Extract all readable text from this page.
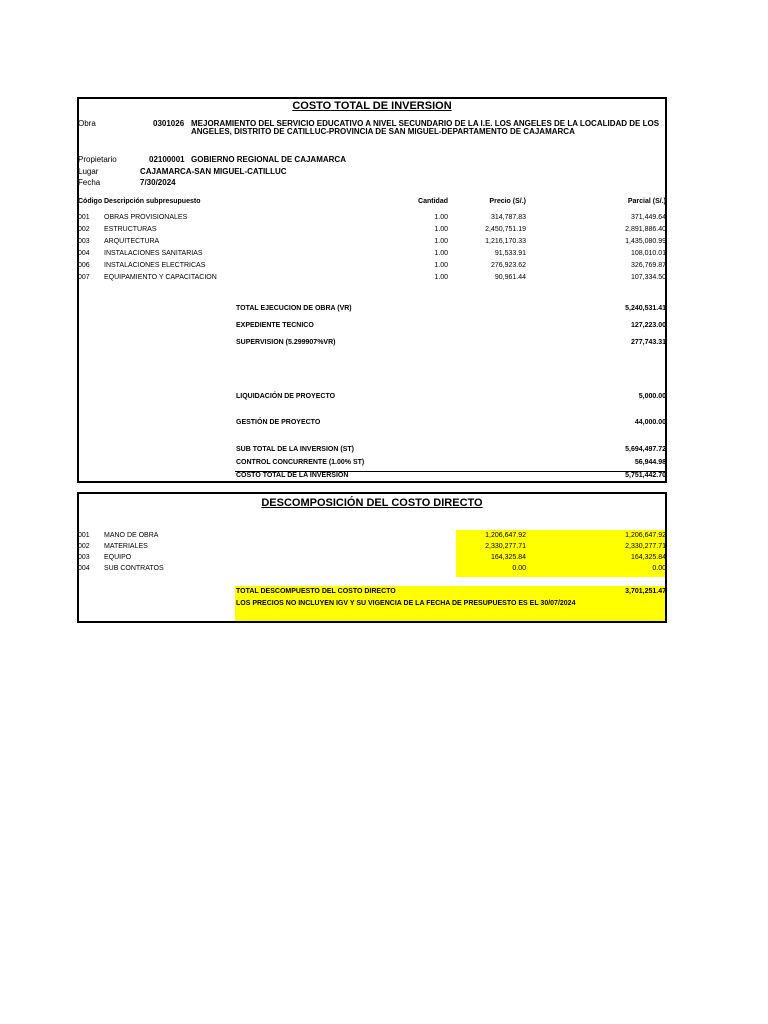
COSTO TOTAL DE INVERSION
Obra	0301026 MEJORAMIENTO DEL SERVICIO EDUCATIVO A NIVEL SECUNDARIO DE LA I.E. LOS ANGELES DE LA LOCALIDAD DE LOS
ANGELES, DISTRITO DE CATILLUC-PROVINCIA DE SAN MIGUEL-DEPARTAMENTO DE CAJAMARCA
Propietario	02100001 GOBIERNO REGIONAL DE CAJAMARCA
Lugar	CAJAMARCA-SAN MIGUEL-CATILLUC
Fecha	7/30/2024
Código Descripción subpresupuesto	Cantidad	Precio (S/.)	Parcial (S/.)
001 OBRAS PROVISIONALES	1.00	314,787.83	371,449.64
002 ESTRUCTURAS	1.00	2,450,751.19	2,891,886.40
003 ARQUITECTURA	1.00	1,216,170.33	1,435,080.99
004 INSTALACIONES SANITARIAS	1.00	91,533.91	108,010.01
006 INSTALACIONES ELECTRICAS	1.00	276,923.62	326,769.87
007 EQUIPAMIENTO Y CAPACITACION	1.00	90,961.44	107,334.50
TOTAL EJECUCION DE OBRA (VR)	5,240,531.41
EXPEDIENTE TECNICO	127,223.00
SUPERVISION (5.299907%VR)	277,743.31
LIQUIDACIÓN DE PROYECTO	5,000.00
GESTIÓN DE PROYECTO	44,000.00
SUB TOTAL DE LA INVERSION (ST)	5,694,497.72
CONTROL CONCURRENTE (1.00% ST)	56,944.98
COSTO TOTAL DE LA INVERSION	5,751,442.70
DESCOMPOSICIÓN DEL COSTO DIRECTO
001 MANO DE OBRA	1,206,647.92	1,206,647.92
002 MATERIALES	2,330,277.71	2,330,277.71
003 EQUIPO	164,325.84	164,325.84
004 SUB CONTRATOS	0.00	0.00
TOTAL DESCOMPUESTO DEL COSTO DIRECTO	3,701,251.47
LOS PRECIOS NO INCLUYEN IGV Y SU VIGENCIA DE LA FECHA DE PRESUPUESTO ES EL 30/07/2024
